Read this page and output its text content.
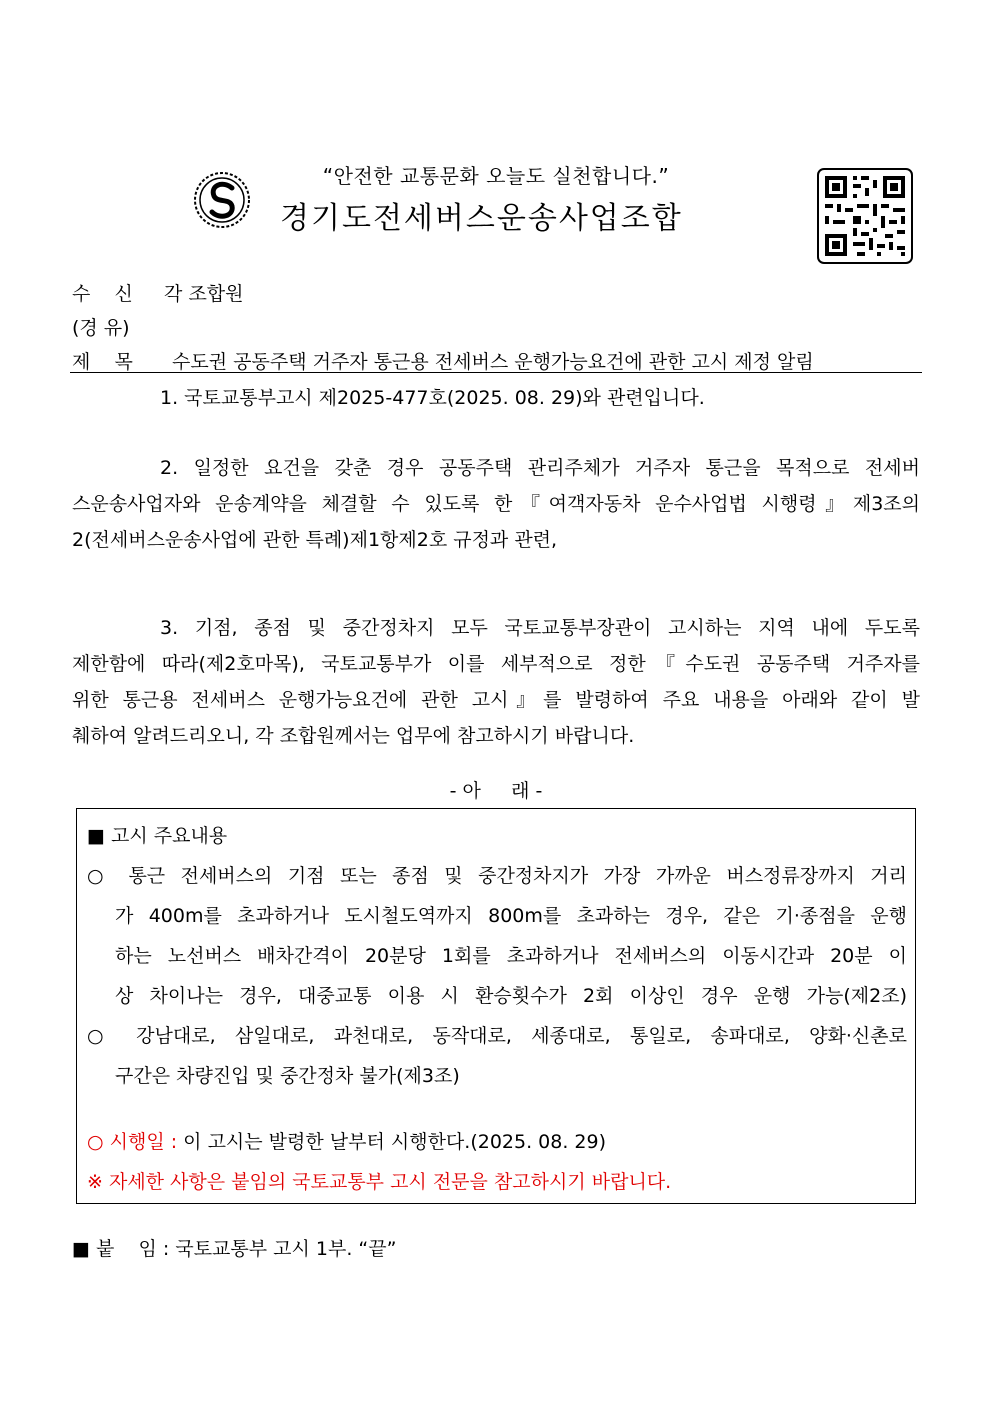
“안전한 교통문화 오늘도 실천합니다.”
경기도전세버스운송사업조합
수    신 각 조합원
(경 유)
제    목 수도권 공동주택 거주자 통근용 전세버스 운행가능요건에 관한 고시 제정 알림
1. 국토교통부고시 제2025-477호(2025. 08. 29)와 관련입니다.
2. 일정한 요건을 갖춘 경우 공동주택 관리주체가 거주자 통근을 목적으로 전세버
스운송사업자와 운송계약을 체결할 수 있도록 한『여객자동차 운수사업법 시행령』제3조의
2(전세버스운송사업에 관한 특례)제1항제2호 규정과 관련,
3. 기점, 종점 및 중간정차지 모두 국토교통부장관이 고시하는 지역 내에 두도록
제한함에 따라(제2호마목), 국토교통부가 이를 세부적으로 정한『수도권 공동주택 거주자를
위한 통근용 전세버스 운행가능요건에 관한 고시』를 발령하여 주요 내용을 아래와 같이 발
췌하여 알려드리오니, 각 조합원께서는 업무에 참고하시기 바랍니다.
- 아     래 -
■ 고시 주요내용
○ 통근 전세버스의 기점 또는 종점 및 중간정차지가 가장 가까운 버스정류장까지 거리
가 400m를 초과하거나 도시철도역까지 800m를 초과하는 경우, 같은 기·종점을 운행
하는 노선버스 배차간격이 20분당 1회를 초과하거나 전세버스의 이동시간과 20분 이
상 차이나는 경우, 대중교통 이용 시 환승횟수가 2회 이상인 경우 운행 가능(제2조)
○ 강남대로, 삼일대로, 과천대로, 동작대로, 세종대로, 통일로, 송파대로, 양화·신촌로
구간은 차량진입 및 중간정차 불가(제3조)
○ 시행일 : 이 고시는 발령한 날부터 시행한다.(2025. 08. 29)
※ 자세한 사항은 붙임의 국토교통부 고시 전문을 참고하시기 바랍니다.
■ 붙    임 : 국토교통부 고시 1부. “끝”
